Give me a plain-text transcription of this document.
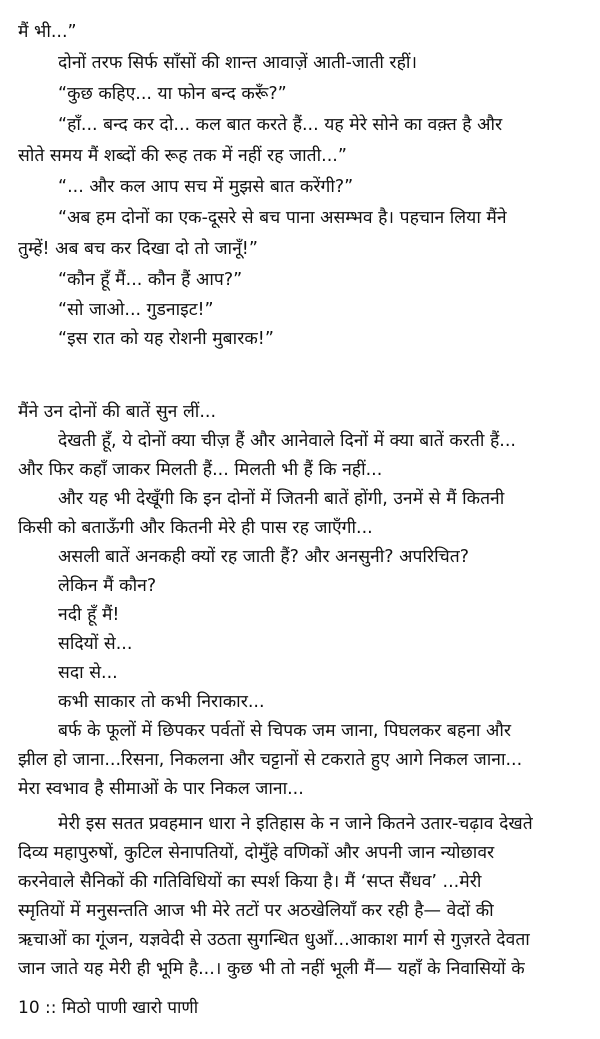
मैं भी...”
दोनों तरफ सिर्फ साँसों की शान्त आवाज़ें आती-जाती रहीं।
“कुछ कहिए... या फोन बन्द करूँ?”
“हाँ... बन्द कर दो... कल बात करते हैं... यह मेरे सोने का वक़्त है और
सोते समय मैं शब्दों की रूह तक में नहीं रह जाती...”
“... और कल आप सच में मुझसे बात करेंगी?”
“अब हम दोनों का एक-दूसरे से बच पाना असम्भव है। पहचान लिया मैंने
तुम्हें! अब बच कर दिखा दो तो जानूँ!”
“कौन हूँ मैं... कौन हैं आप?”
“सो जाओ... गुडनाइट!”
“इस रात को यह रोशनी मुबारक!”
मैंने उन दोनों की बातें सुन लीं...
देखती हूँ, ये दोनों क्या चीज़ हैं और आनेवाले दिनों में क्या बातें करती हैं...
और फिर कहाँ जाकर मिलती हैं... मिलती भी हैं कि नहीं...
और यह भी देखूँगी कि इन दोनों में जितनी बातें होंगी, उनमें से मैं कितनी
किसी को बताऊँगी और कितनी मेरे ही पास रह जाएँगी...
असली बातें अनकही क्यों रह जाती हैं? और अनसुनी? अपरिचित?
लेकिन मैं कौन?
नदी हूँ मैं!
सदियों से...
सदा से...
कभी साकार तो कभी निराकार...
बर्फ के फूलों में छिपकर पर्वतों से चिपक जम जाना, पिघलकर बहना और
झील हो जाना...रिसना, निकलना और चट्टानों से टकराते हुए आगे निकल जाना...
मेरा स्वभाव है सीमाओं के पार निकल जाना...
मेरी इस सतत प्रवहमान धारा ने इतिहास के न जाने कितने उतार-चढ़ाव देखते
दिव्य महापुरुषों, कुटिल सेनापतियों, दोमुँहे वणिकों और अपनी जान न्योछावर
करनेवाले सैनिकों की गतिविधियों का स्पर्श किया है। मैं ‘सप्त सैंधव’ ...मेरी
स्मृतियों में मनुसन्तति आज भी मेरे तटों पर अठखेलियाँ कर रही है— वेदों की
ऋचाओं का गूंजन, यज्ञवेदी से उठता सुगन्धित धुआँ...आकाश मार्ग से गुज़रते देवता
जान जाते यह मेरी ही भूमि है...। कुछ भी तो नहीं भूली मैं— यहाँ के निवासियों के
10 :: मिठो पाणी खारो पाणी
